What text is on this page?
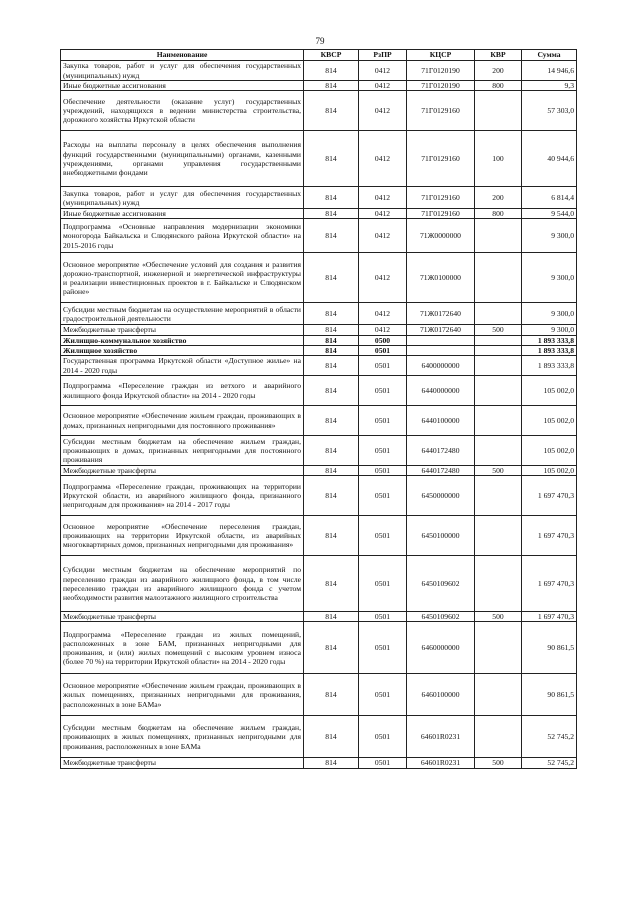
79
Наименование	КВСР	РзПР	КЦСР	КВР	Сумма
Закупка товаров, работ и услуг для обеспечения государственных (муниципальных) нужд	814	0412	71Г0120190	200	14 946,6
Иные бюджетные ассигнования	814	0412	71Г0120190	800	9,3
Обеспечение деятельности (оказание услуг) государственных учреждений, находящихся в ведении министерства строительства, дорожного хозяйства Иркутской области	814	0412	71Г0129160		57 303,0
Расходы на выплаты персоналу в целях обеспечения выполнения функций государственными (муниципальными) органами, казенными учреждениями, органами управления государственными внебюджетными фондами	814	0412	71Г0129160	100	40 944,6
Закупка товаров, работ и услуг для обеспечения государственных (муниципальных) нужд	814	0412	71Г0129160	200	6 814,4
Иные бюджетные ассигнования	814	0412	71Г0129160	800	9 544,0
Подпрограмма «Основные направления модернизации экономики моногорода Байкальска и Слюдянского района Иркутской области» на 2015-2016 годы	814	0412	71Ж0000000		9 300,0
Основное мероприятие «Обеспечение условий для создания и развития дорожно-транспортной, инженерной и энергетической инфраструктуры и реализации инвестиционных проектов в г. Байкальске и Слюдянском районе»	814	0412	71Ж0100000		9 300,0
Субсидии местным бюджетам на осуществление мероприятий в области градостроительной деятельности	814	0412	71Ж0172640		9 300,0
Межбюджетные трансферты	814	0412	71Ж0172640	500	9 300,0
Жилищно-коммунальное хозяйство	814	0500			1 893 333,8
Жилищное хозяйство	814	0501			1 893 333,8
Государственная программа Иркутской области «Доступное жилье» на 2014 - 2020 годы	814	0501	6400000000		1 893 333,8
Подпрограмма «Переселение граждан из ветхого и аварийного жилищного фонда Иркутской области» на 2014 - 2020 годы	814	0501	6440000000		105 002,0
Основное мероприятие «Обеспечение жильем граждан, проживающих в домах, признанных непригодными для постоянного проживания»	814	0501	6440100000		105 002,0
Субсидии местным бюджетам на обеспечение жильем граждан, проживающих в домах, признанных непригодными для постоянного проживания	814	0501	6440172480		105 002,0
Межбюджетные трансферты	814	0501	6440172480	500	105 002,0
Подпрограмма «Переселение граждан, проживающих на территории Иркутской области, из аварийного жилищного фонда, признанного непригодным для проживания» на 2014 - 2017 годы	814	0501	6450000000		1 697 470,3
Основное мероприятие «Обеспечение переселения граждан, проживающих на территории Иркутской области, из аварийных многоквартирных домов, признанных непригодными для проживания»	814	0501	6450100000		1 697 470,3
Субсидии местным бюджетам на обеспечение мероприятий по переселению граждан из аварийного жилищного фонда, в том числе переселению граждан из аварийного жилищного фонда с учетом необходимости развития малоэтажного жилищного строительства	814	0501	6450109602		1 697 470,3
Межбюджетные трансферты	814	0501	6450109602	500	1 697 470,3
Подпрограмма «Переселение граждан из жилых помещений, расположенных в зоне БАМ, признанных непригодными для проживания, и (или) жилых помещений с высоким уровнем износа (более 70 %) на территории Иркутской области» на 2014 - 2020 годы	814	0501	6460000000		90 861,5
Основное мероприятие «Обеспечение жильем граждан, проживающих в жилых помещениях, признанных непригодными для проживания, расположенных в зоне БАМа»	814	0501	6460100000		90 861,5
Субсидии местным бюджетам на обеспечение жильем граждан, проживающих в жилых помещениях, признанных непригодными для проживания, расположенных в зоне БАМа	814	0501	64601R0231		52 745,2
Межбюджетные трансферты	814	0501	64601R0231	500	52 745,2
